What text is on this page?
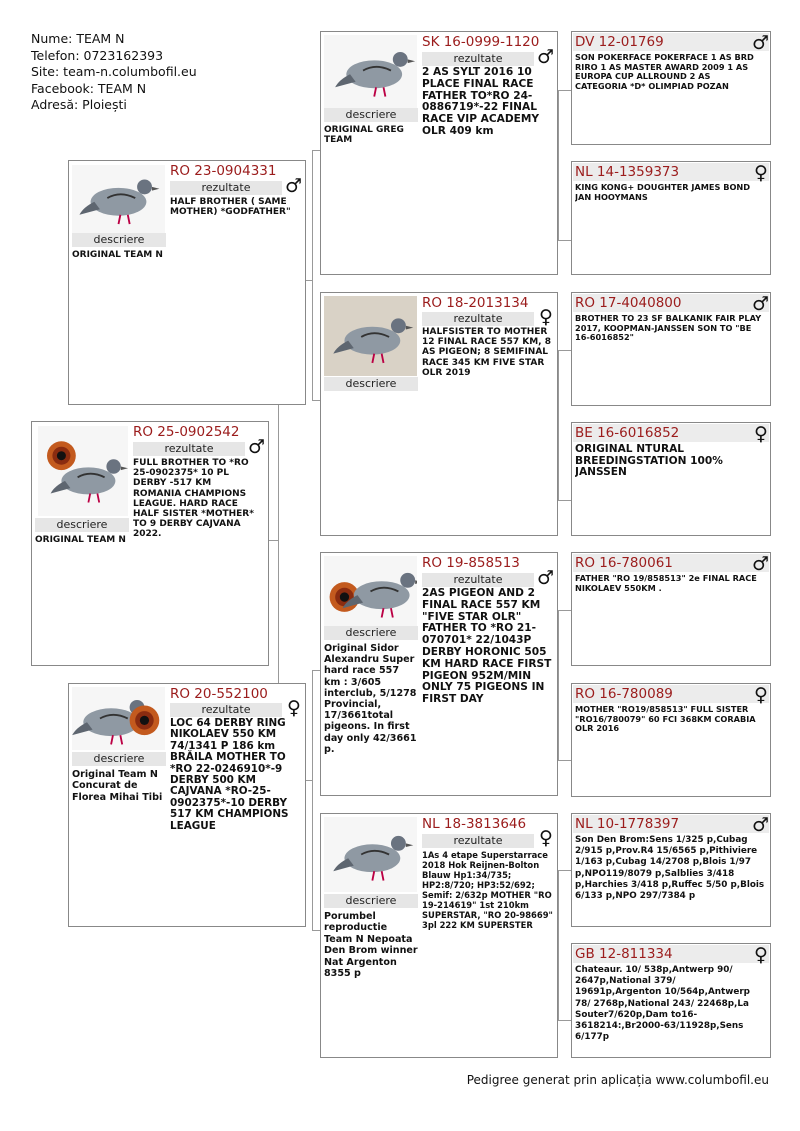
Nume: TEAM N
Telefon: 0723162393
Site: team-n.columbofil.eu
Facebook: TEAM N
Adresă: Ploiești
RO 25-0902542
rezultate	♂
FULL BROTHER TO *RO 25-0902375* 10 PL DERBY -517 KM ROMANIA CHAMPIONS LEAGUE. HARD RACE HALF SISTER *MOTHER* TO 9 DERBY CAJVANA 2022.
descriere
ORIGINAL TEAM N
RO 23-0904331
rezultate	♂
HALF BROTHER ( SAME MOTHER) *GODFATHER"
descriere
ORIGINAL TEAM N
RO 20-552100
rezultate	♀
LOC 64 DERBY RING NIKOLAEV 550 KM 74/1341 P 186 km BRĂILA MOTHER TO *RO 22-0246910*-9 DERBY 500 KM CAJVANA *RO-25-0902375*-10 DERBY 517 KM CHAMPIONS LEAGUE
descriere
Original Team N Concurat de Florea Mihai Tibi
SK 16-0999-1120
rezultate	♂
2 AS SYLT 2016 10 PLACE FINAL RACE FATHER TO*RO 24-0886719*-22 FINAL RACE VIP ACADEMY OLR 409 km
descriere
ORIGINAL GREG TEAM
RO 18-2013134
rezultate	♀
HALFSISTER TO MOTHER 12 FINAL RACE 557 KM, 8 AS PIGEON; 8 SEMIFINAL RACE 345 KM FIVE STAR OLR 2019
descriere
RO 19-858513
rezultate	♂
2AS PIGEON AND 2 FINAL RACE 557 KM "FIVE STAR OLR" FATHER TO *RO 21-070701* 22/1043P DERBY HORONIC 505 KM HARD RACE FIRST PIGEON 952M/MIN ONLY 75 PIGEONS IN FIRST DAY
descriere
Original Sidor Alexandru Super hard race 557 km : 3/605 interclub, 5/1278 Provincial, 17/3661total pigeons. In first day only 42/3661 p.
NL 18-3813646
rezultate	♀
1As 4 etape Superstarrace 2018 Hok Reijnen-Bolton Blauw Hp1:34/735; HP2:8/720; HP3:52/692; Semif: 2/632p MOTHER "RO 19-214619" 1st 210km SUPERSTAR, "RO 20-98669" 3pl 222 KM SUPERSTER
descriere
Porumbel reproductie Team N Nepoata Den Brom winner Nat Argenton 8355 p
DV 12-01769	♂
SON POKERFACE POKERFACE 1 AS BRD RIRO 1 AS MASTER AWARD 2009 1 AS EUROPA CUP ALLROUND 2 AS CATEGORIA *D* OLIMPIAD POZAN
NL 14-1359373	♀
KING KONG+ DOUGHTER JAMES BOND JAN HOOYMANS
RO 17-4040800	♂
BROTHER TO 23 SF BALKANIK FAIR PLAY 2017, KOOPMAN-JANSSEN SON TO "BE 16-6016852"
BE 16-6016852	♀
ORIGINAL NTURAL BREEDINGSTATION 100% JANSSEN
RO 16-780061	♂
FATHER "RO 19/858513" 2e FINAL RACE NIKOLAEV 550KM .
RO 16-780089	♀
MOTHER "RO19/858513" FULL SISTER "RO16/780079" 60 FCI 368KM CORABIA OLR 2016
NL 10-1778397	♂
Son Den Brom:Sens 1/325 p,Cubag 2/915 p,Prov.R4 15/6565 p,Pithiviere 1/163 p,Cubag 14/2708 p,Blois 1/97 p,NPO119/8079 p,Salblies 3/418 p,Harchies 3/418 p,Ruffec 5/50 p,Blois 6/133 p,NPO 297/7384 p
GB 12-811334	♀
Chateaur. 10/ 538p,Antwerp 90/ 2647p,National 379/ 19691p,Argenton 10/564p,Antwerp 78/ 2768p,National 243/ 22468p,La Souter7/620p,Dam to16-3618214:,Br2000-63/11928p,Sens 6/177p
Pedigree generat prin aplicația www.columbofil.eu
